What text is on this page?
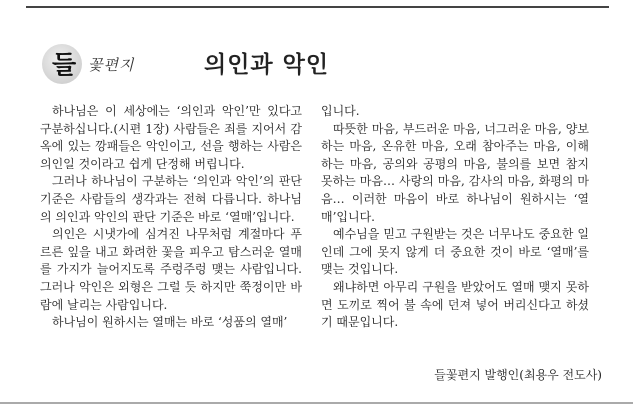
들 꽃편지	의인과 악인

하나님은 이 세상에는 ‘의인과 악인’만 있다고 구분하십니다.(시편 1장) 사람들은 죄를 지어서 감옥에 있는 깡패들은 악인이고, 선을 행하는 사람은 의인일 것이라고 쉽게 단정해 버립니다.

그러나 하나님이 구분하는 ‘의인과 악인’의 판단 기준은 사람들의 생각과는 전혀 다릅니다. 하나님의 의인과 악인의 판단 기준은 바로 ‘열매’입니다.

의인은 시냇가에 심겨진 나무처럼 계절마다 푸르른 잎을 내고 화려한 꽃을 피우고 탐스러운 열매를 가지가 늘어지도록 주렁주렁 맺는 사람입니다. 그러나 악인은 외형은 그럴 듯 하지만 쭉정이만 바람에 날리는 사람입니다.

하나님이 원하시는 열매는 바로 ‘성품의 열매’

입니다.

따뜻한 마음, 부드러운 마음, 너그러운 마음, 양보하는 마음, 온유한 마음, 오래 참아주는 마음, 이해하는 마음, 공의와 공평의 마음, 불의를 보면 참지 못하는 마음… 사랑의 마음, 감사의 마음, 화평의 마음… 이러한 마음이 바로 하나님이 원하시는 ‘열매’입니다.

예수님을 믿고 구원받는 것은 너무나도 중요한 일인데 그에 못지 않게 더 중요한 것이 바로 ‘열매’를 맺는 것입니다.

왜냐하면 아무리 구원을 받았어도 열매 맺지 못하면 도끼로 찍어 불 속에 던져 넣어 버리신다고 하셨기 때문입니다.

들꽃편지 발행인(최용우 전도사)
